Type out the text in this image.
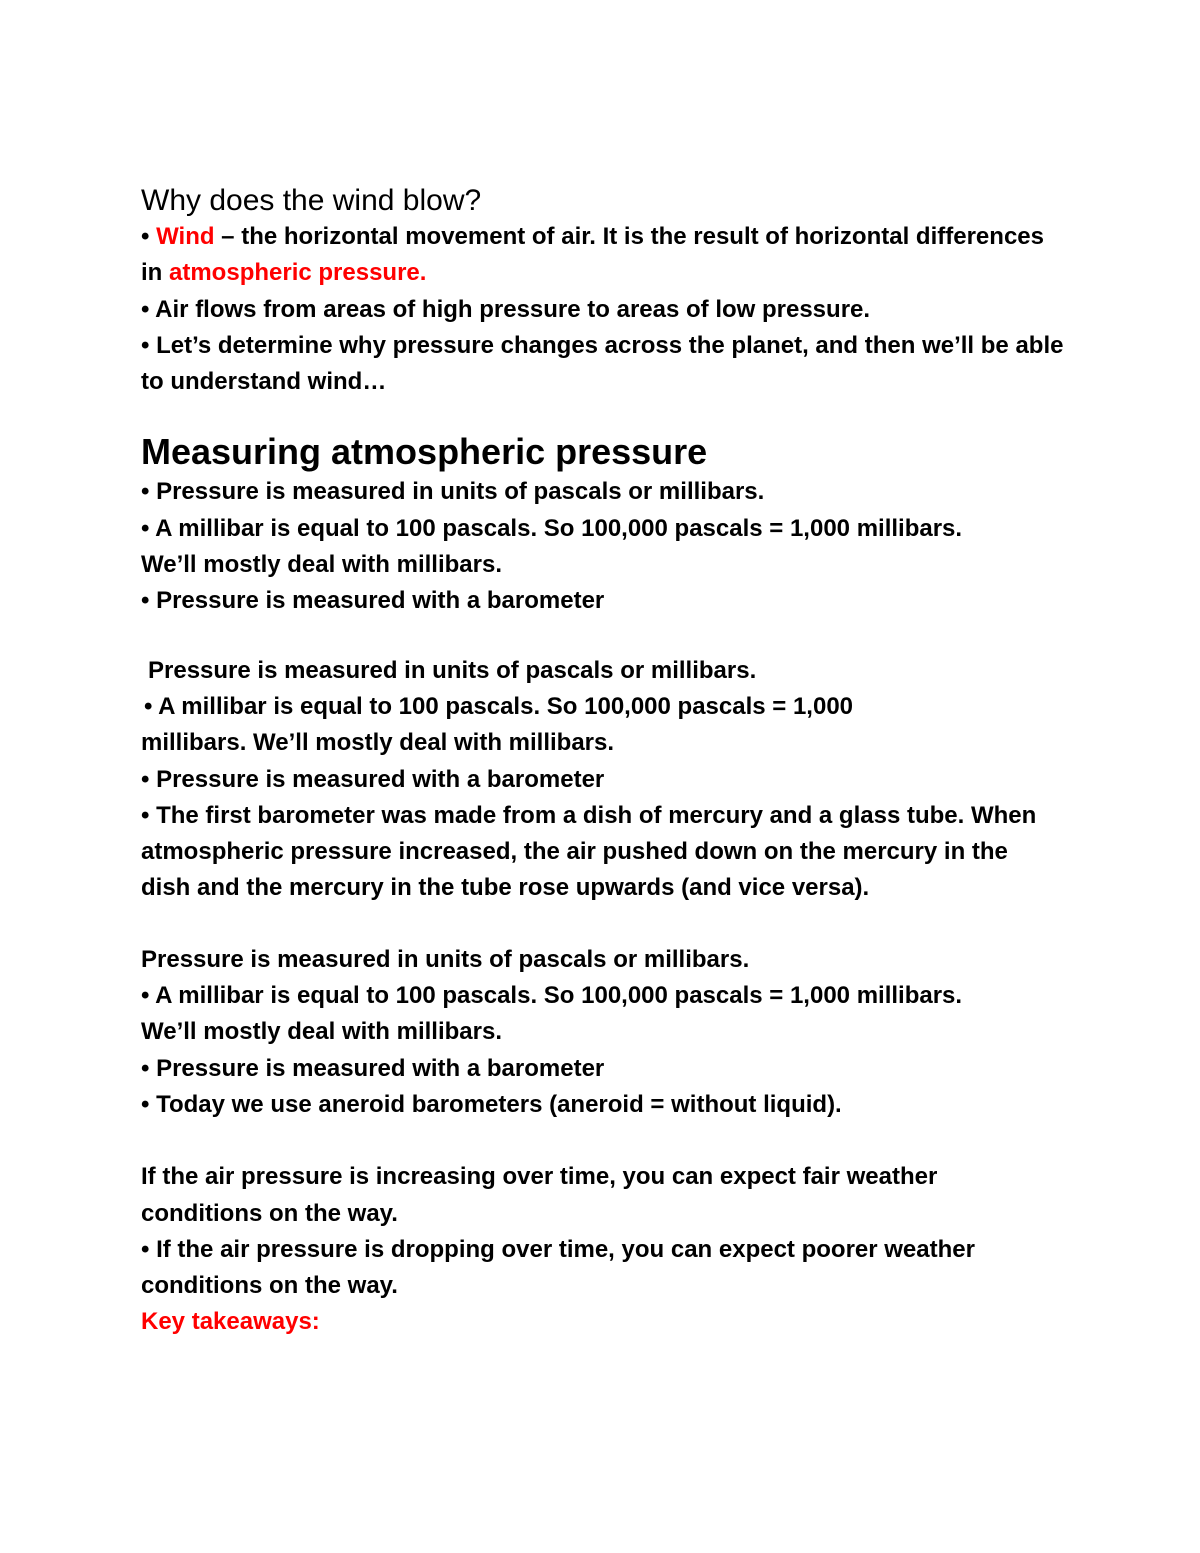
Why does the wind blow?

• Wind – the horizontal movement of air. It is the result of horizontal differences in atmospheric pressure.

• Air flows from areas of high pressure to areas of low pressure.

• Let’s determine why pressure changes across the planet, and then we’ll be able to understand wind…

Measuring atmospheric pressure

• Pressure is measured in units of pascals or millibars.

• A millibar is equal to 100 pascals. So 100,000 pascals = 1,000 millibars. We’ll mostly deal with millibars.

• Pressure is measured with a barometer

Pressure is measured in units of pascals or millibars.

• A millibar is equal to 100 pascals. So 100,000 pascals = 1,000

millibars. We’ll mostly deal with millibars.

• Pressure is measured with a barometer

• The first barometer was made from a dish of mercury and a glass tube. When atmospheric pressure increased, the air pushed down on the mercury in the dish and the mercury in the tube rose upwards (and vice versa).

Pressure is measured in units of pascals or millibars.

• A millibar is equal to 100 pascals. So 100,000 pascals = 1,000 millibars. We’ll mostly deal with millibars.

• Pressure is measured with a barometer

• Today we use aneroid barometers (aneroid = without liquid).

If the air pressure is increasing over time, you can expect fair weather conditions on the way.

• If the air pressure is dropping over time, you can expect poorer weather conditions on the way.

Key takeaways:
